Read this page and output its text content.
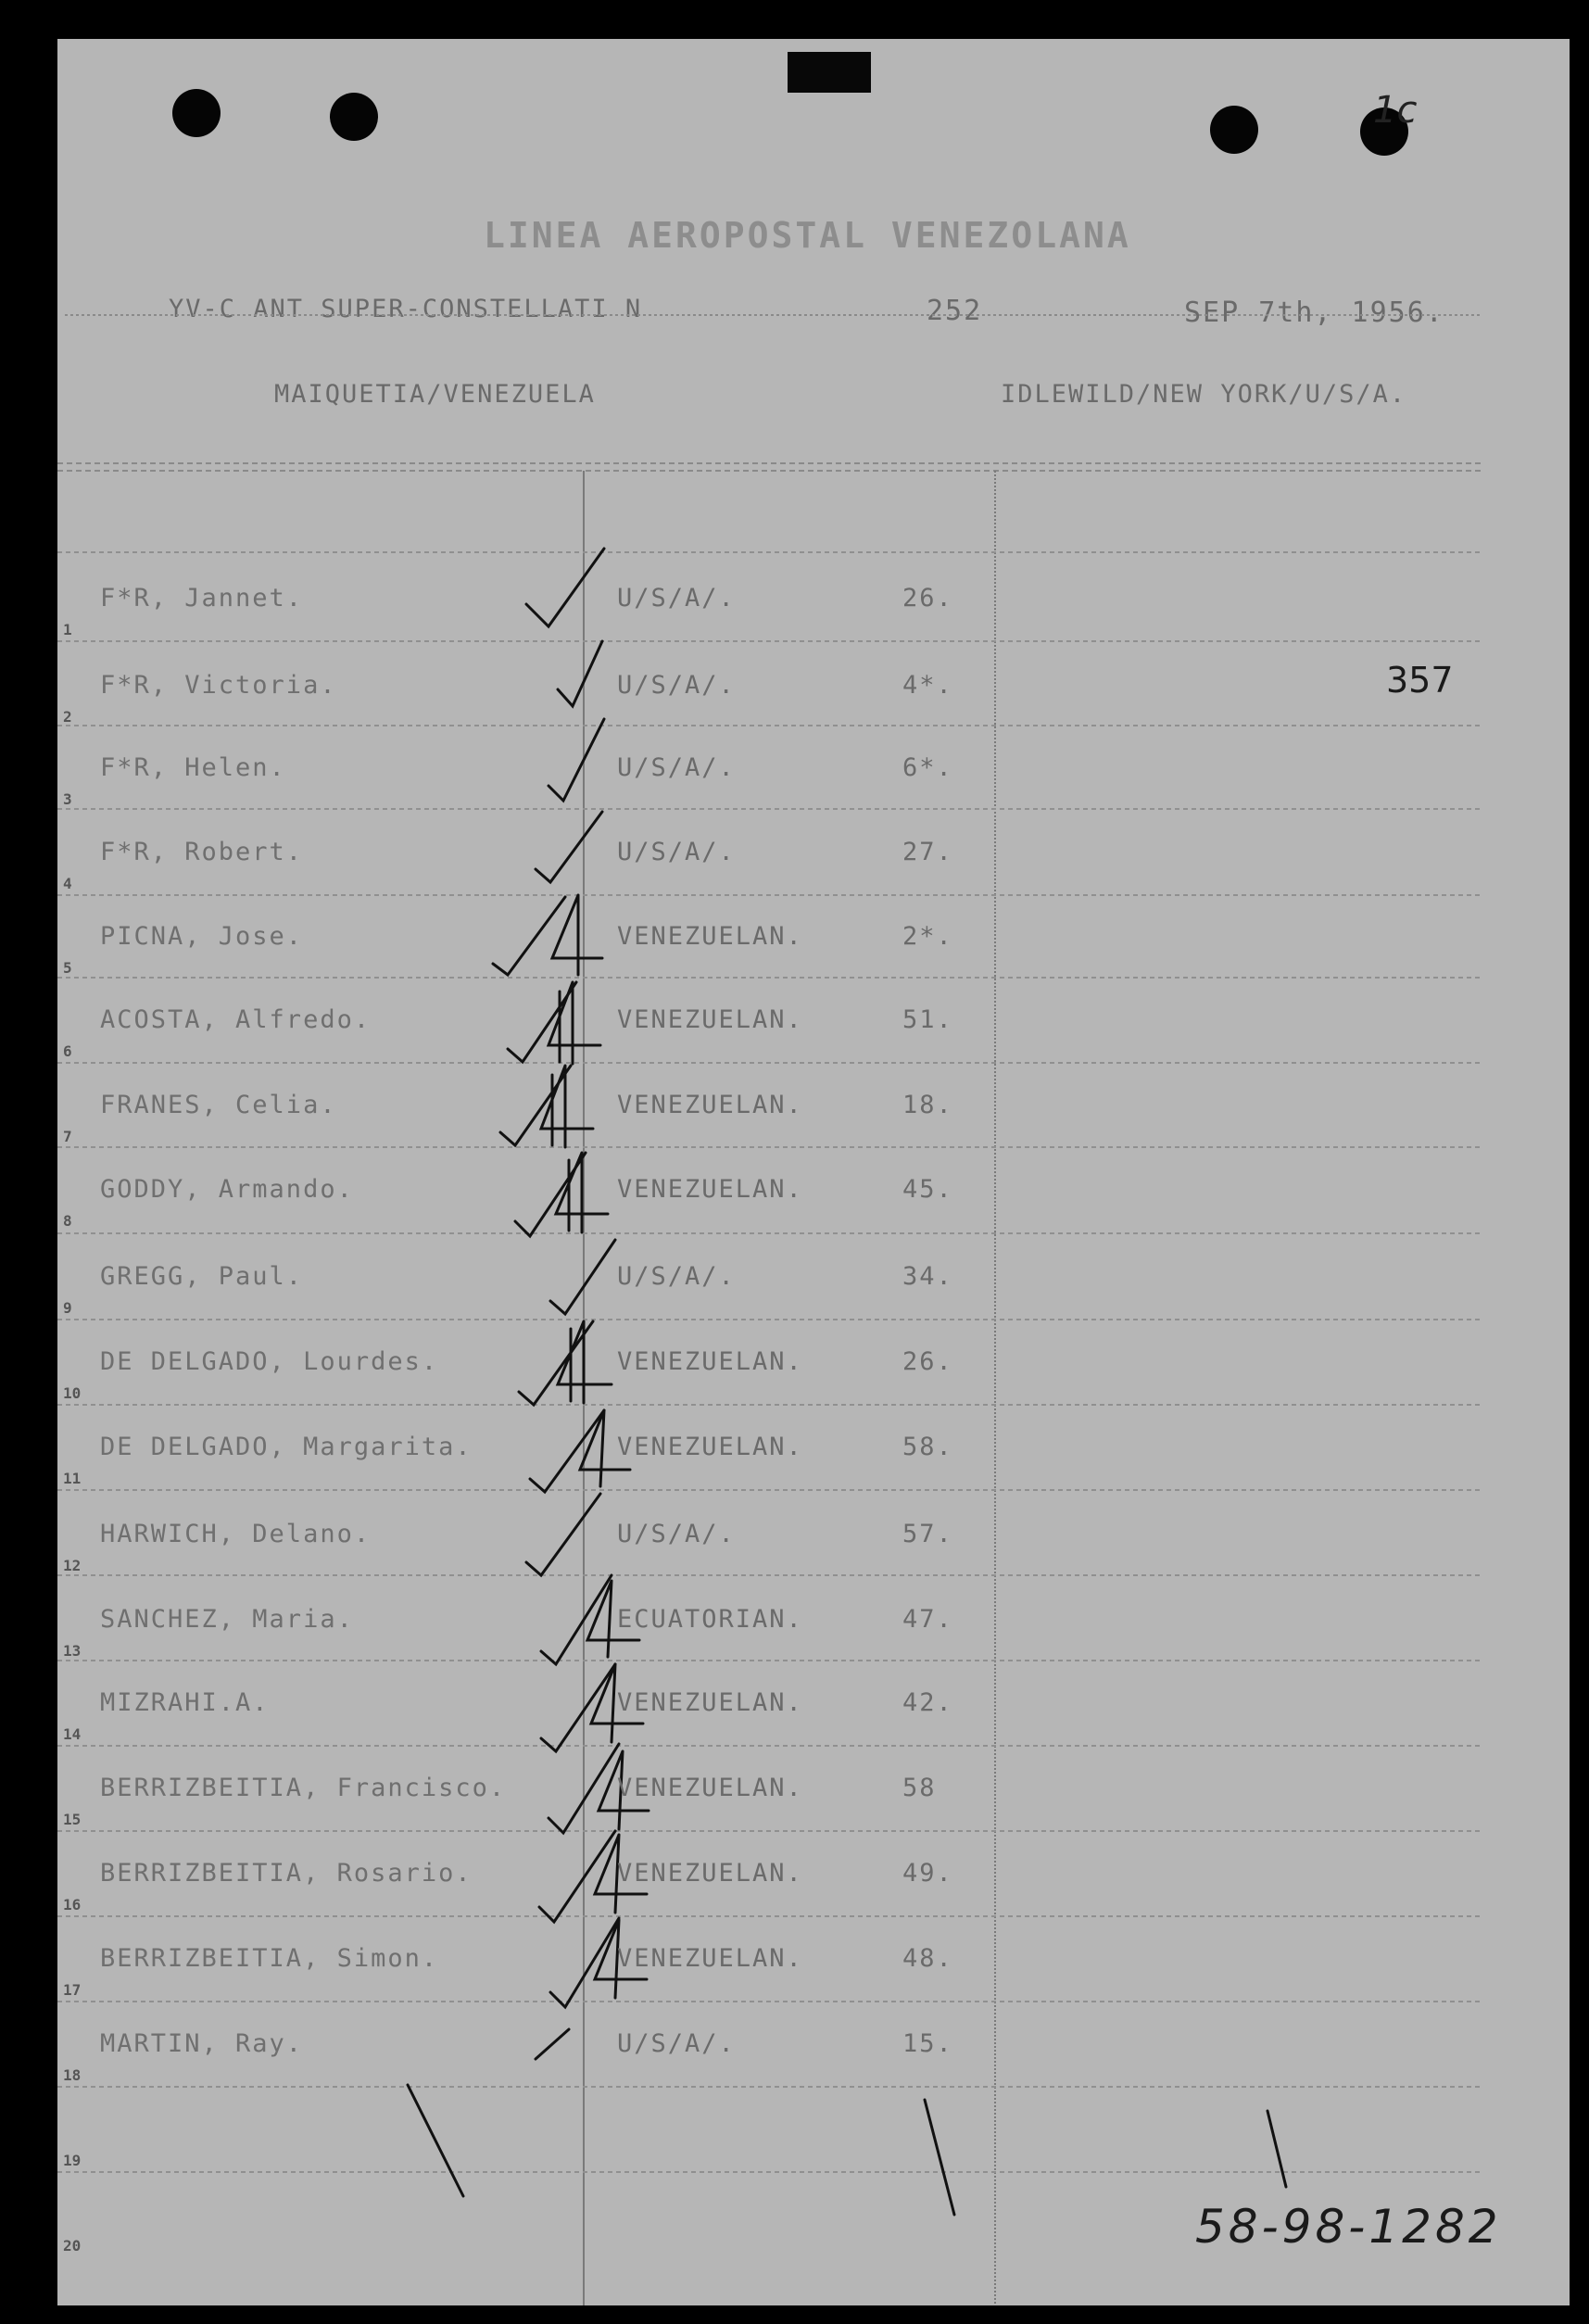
LINEA AEROPOSTAL VENEZOLANA
YV-C ANT SUPER-CONSTELLATI N	252	SEP 7th, 1956.
MAIQUETIA/VENEZUELA	IDLEWILD/NEW YORK/U/S/A.
357
1c
58-98-1282
1
F*R, Jannet.	U/S/A/.	26.
2
F*R, Victoria.	U/S/A/.	4*.
3
F*R, Helen.	U/S/A/.	6*.
4
F*R, Robert.	U/S/A/.	27.
5
PICNA, Jose.	VENEZUELAN.	2*.
6
ACOSTA, Alfredo.	VENEZUELAN.	51.
7
FRANES, Celia.	VENEZUELAN.	18.
8
GODDY, Armando.	VENEZUELAN.	45.
9
GREGG, Paul.	U/S/A/.	34.
10
DE DELGADO, Lourdes.	VENEZUELAN.	26.
11
DE DELGADO, Margarita.	VENEZUELAN.	58.
12
HARWICH, Delano.	U/S/A/.	57.
13
SANCHEZ, Maria.	ECUATORIAN.	47.
14
MIZRAHI.A.	VENEZUELAN.	42.
15
BERRIZBEITIA, Francisco.	VENEZUELAN.	58
16
BERRIZBEITIA, Rosario.	VENEZUELAN.	49.
17
BERRIZBEITIA, Simon.	VENEZUELAN.	48.
18
MARTIN, Ray.	U/S/A/.	15.
19
20
